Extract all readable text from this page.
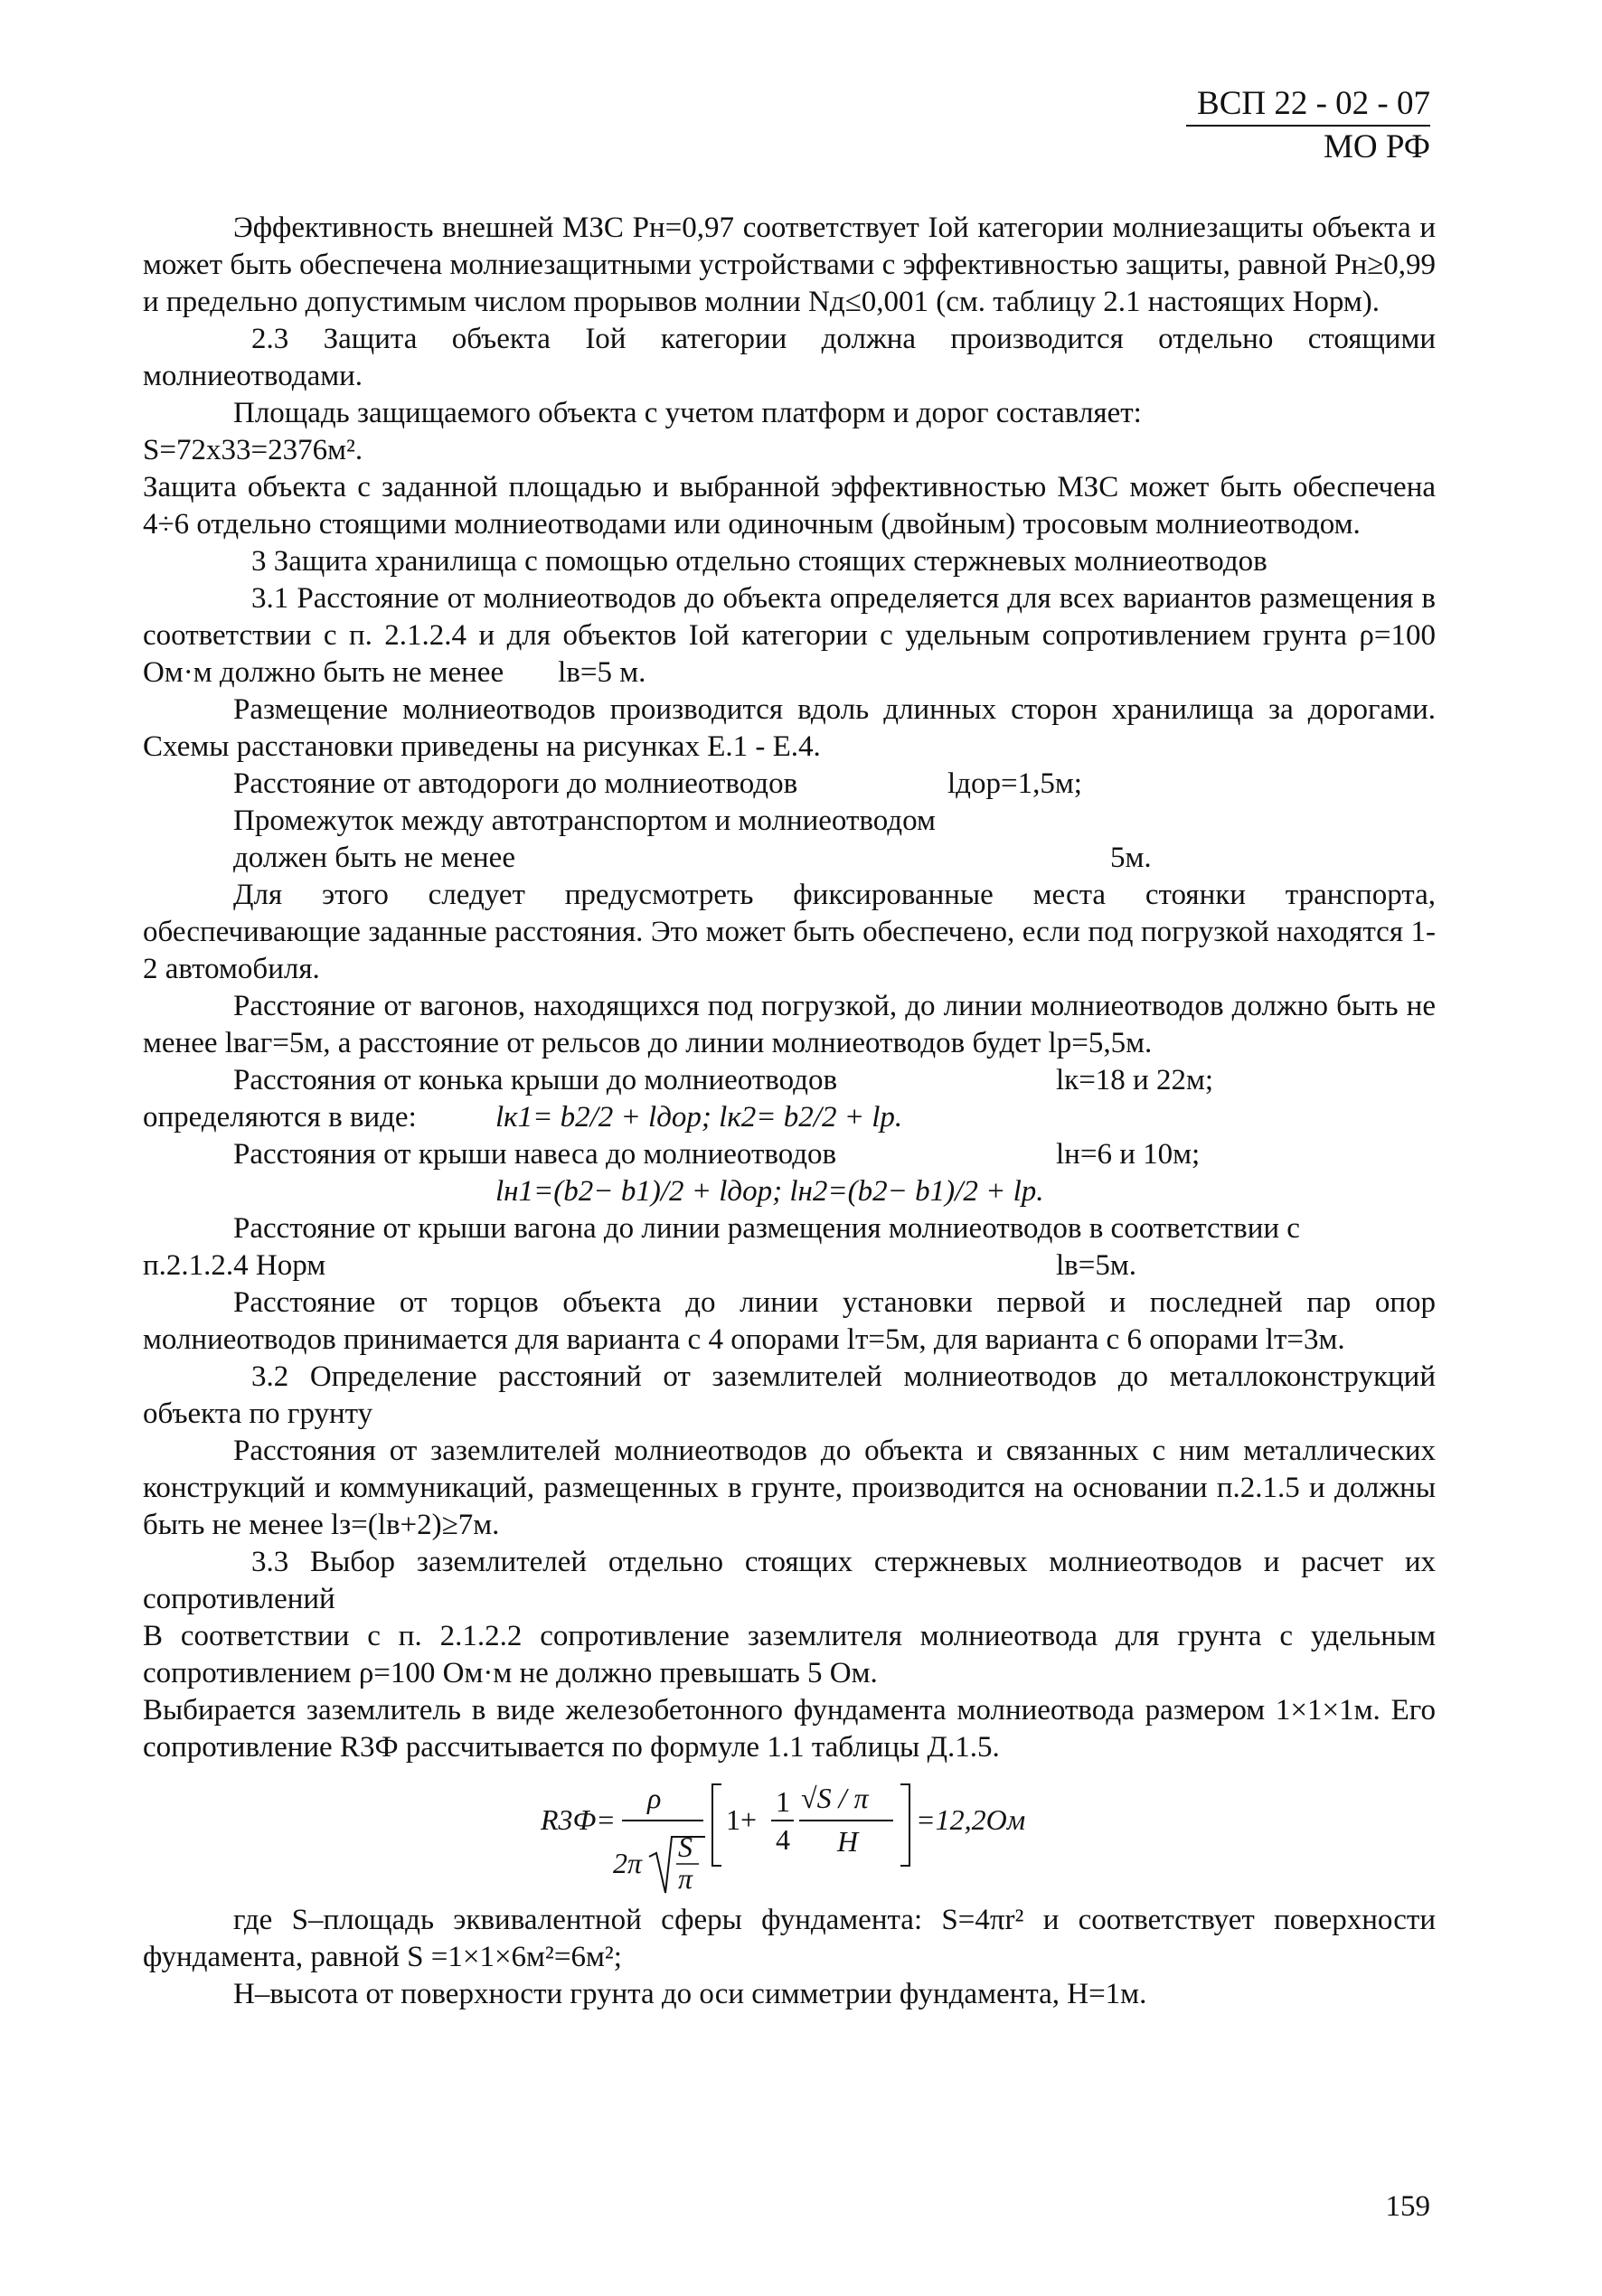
ВСП 22 - 02 - 07
МО РФ

Эффективность внешней МЗС Pн=0,97 соответствует Iой категории молниезащиты объекта и может быть обеспечена молниезащитными устройствами с эффективностью защиты, равной Pн≥0,99 и предельно допустимым числом прорывов молнии Nд≤0,001 (см. таблицу 2.1 настоящих Норм).

2.3 Защита объекта Iой категории должна производится отдельно стоящими молниеотводами.

Площадь защищаемого объекта с учетом платформ и дорог составляет:

S=72x33=2376м².

Защита объекта с заданной площадью и выбранной эффективностью МЗС может быть обеспечена 4÷6 отдельно стоящими молниеотводами или одиночным (двойным) тросовым молниеотводом.

3 Защита хранилища с помощью отдельно стоящих стержневых молниеотводов

3.1 Расстояние от молниеотводов до объекта определяется для всех вариантов размещения в соответствии с п. 2.1.2.4 и для объектов Iой категории с удельным сопротивлением грунта ρ=100 Ом·м должно быть не менее lв=5 м.

Размещение молниеотводов производится вдоль длинных сторон хранилища за дорогами. Схемы расстановки приведены на рисунках Е.1 - Е.4.

Расстояние от автодороги до молниеотводов	lдор=1,5м;
Промежуток между автотранспортом и молниеотводом
должен быть не менее	5м.

Для этого следует предусмотреть фиксированные места стоянки транспорта, обеспечивающие заданные расстояния. Это может быть обеспечено, если под погрузкой находятся 1-2 автомобиля.

Расстояние от вагонов, находящихся под погрузкой, до линии молниеотводов должно быть не менее lваг=5м, а расстояние от рельсов до линии молниеотводов будет lр=5,5м.

Расстояния от конька крыши до молниеотводов	lк=18 и 22м;
определяются в виде:	lк1= b2/2 + lдор; lк2= b2/2 + lр.
Расстояния от крыши навеса до молниеотводов	lн=6 и 10м;
lн1=(b2− b1)/2 + lдор; lн2=(b2− b1)/2 + lр.

Расстояние от крыши вагона до линии размещения молниеотводов в соответствии с

п.2.1.2.4 Норм	lв=5м.

Расстояние от торцов объекта до линии установки первой и последней пар опор молниеотводов принимается для варианта с 4 опорами lт=5м, для варианта с 6 опорами lт=3м.

3.2 Определение расстояний от заземлителей молниеотводов до металлоконструкций объекта по грунту

Расстояния от заземлителей молниеотводов до объекта и связанных с ним металлических конструкций и коммуникаций, размещенных в грунте, производится на основании п.2.1.5 и должны быть не менее lз=(lв+2)≥7м.

3.3 Выбор заземлителей отдельно стоящих стержневых молниеотводов и расчет их сопротивлений

В соответствии с п. 2.1.2.2 сопротивление заземлителя молниеотвода для грунта с удельным сопротивлением ρ=100 Ом·м не должно превышать 5 Ом.

Выбирается заземлитель в виде железобетонного фундамента молниеотвода размером 1×1×1м. Его сопротивление R3Ф рассчитывается по формуле 1.1 таблицы Д.1.5.

R3Ф=
ρ
2π S
π
1+
1
4
√S / π
H
=12,2Ом

где S–площадь эквивалентной сферы фундамента: S=4πr² и соответствует поверхности фундамента, равной S =1×1×6м²=6м²;

H–высота от поверхности грунта до оси симметрии фундамента, H=1м.

159
